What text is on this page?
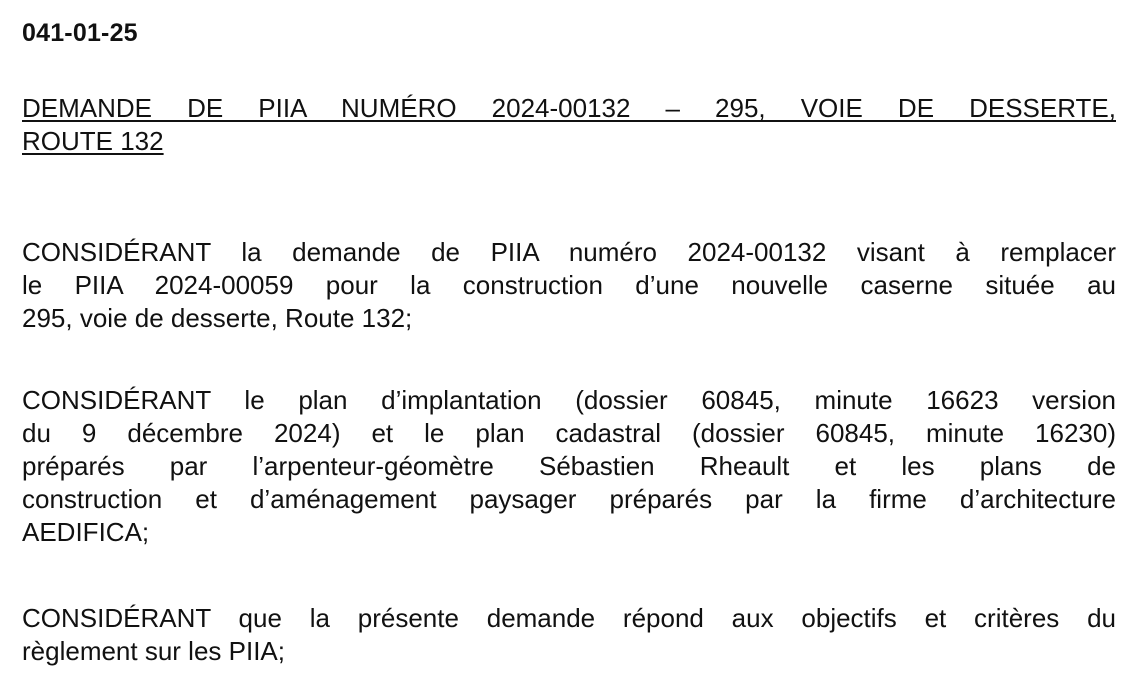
041-01-25
DEMANDE DE PIIA NUMÉRO 2024-00132 – 295, VOIE DE DESSERTE,
ROUTE 132

CONSIDÉRANT la demande de PIIA numéro 2024-00132 visant à remplacer
le PIIA 2024-00059 pour la construction d’une nouvelle caserne située au
295, voie de desserte, Route 132;

CONSIDÉRANT le plan d’implantation (dossier 60845, minute 16623 version
du 9 décembre 2024) et le plan cadastral (dossier 60845, minute 16230)
préparés par l’arpenteur-géomètre Sébastien Rheault et les plans de
construction et d’aménagement paysager préparés par la firme d’architecture
AEDIFICA;

CONSIDÉRANT que la présente demande répond aux objectifs et critères du
règlement sur les PIIA;
